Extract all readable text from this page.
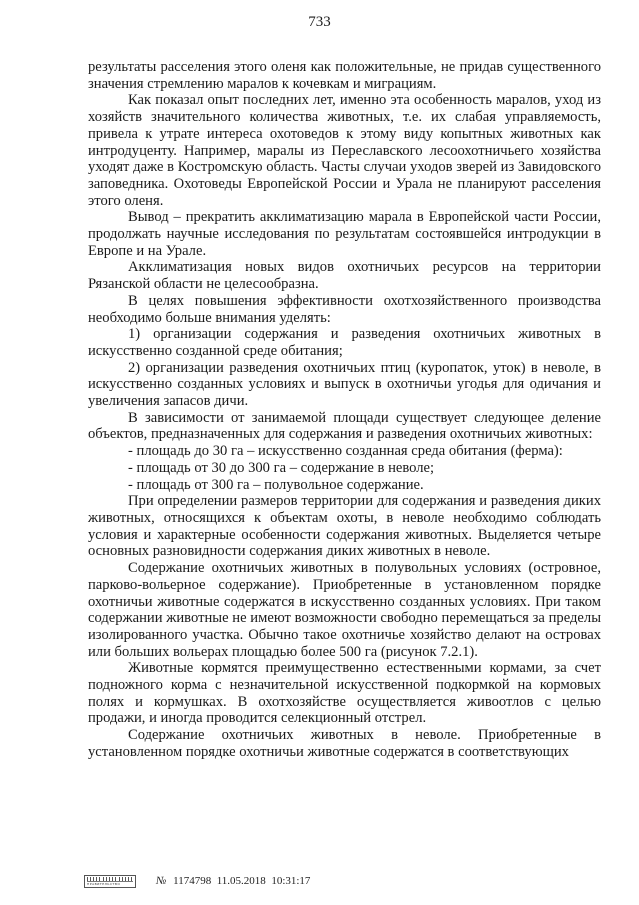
733

результаты расселения этого оленя как положительные, не придав существенного значения стремлению маралов к кочевкам и миграциям.

Как показал опыт последних лет, именно эта особенность маралов, уход из хозяйств значительного количества животных, т.е. их слабая управляемость, привела к утрате интереса охотоведов к этому виду копытных животных как интродуценту. Например, маралы из Переславского лесоохотничьего хозяйства уходят даже в Костромскую область. Часты случаи уходов зверей из Завидовского заповедника. Охотоведы Европейской России и Урала не планируют расселения этого оленя.

Вывод – прекратить акклиматизацию марала в Европейской части России, продолжать научные исследования по результатам состоявшейся интродукции в Европе и на Урале.

Акклиматизация новых видов охотничьих ресурсов на территории Рязанской области не целесообразна.

В целях повышения эффективности охотхозяйственного производства необходимо больше внимания уделять:

1) организации содержания и разведения охотничьих животных в искусственно созданной среде обитания;

2) организации разведения охотничьих птиц (куропаток, уток) в неволе, в искусственно созданных условиях и выпуск в охотничьи угодья для одичания и увеличения запасов дичи.

В зависимости от занимаемой площади существует следующее деление объектов, предназначенных для содержания и разведения охотничьих животных:

- площадь до 30 га – искусственно созданная среда обитания (ферма):

- площадь от 30 до 300 га – содержание в неволе;

- площадь от 300 га – полувольное содержание.

При определении размеров территории для содержания и разведения диких животных, относящихся к объектам охоты, в неволе необходимо соблюдать условия и характерные особенности содержания животных. Выделяется четыре основных разновидности содержания диких животных в неволе.

Содержание охотничьих животных в полувольных условиях (островное, парково-вольерное содержание). Приобретенные в установленном порядке охотничьи животные содержатся в искусственно созданных условиях. При таком содержании животные не имеют возможности свободно перемещаться за пределы изолированного участка. Обычно такое охотничье хозяйство делают на островах или больших вольерах площадью более 500 га (рисунок 7.2.1).

Животные кормятся преимущественно естественными кормами, за счет подножного корма с незначительной искусственной подкормкой на кормовых полях и кормушках. В охотхозяйстве осуществляется живоотлов с целью продажи, и иногда проводится селекционный отстрел.

Содержание охотничьих животных в неволе. Приобретенные в установленном порядке охотничьи животные содержатся в соответствующих

ПРАВИТЕЛЬСТВО	№ 1174798 11.05.2018 10:31:17
